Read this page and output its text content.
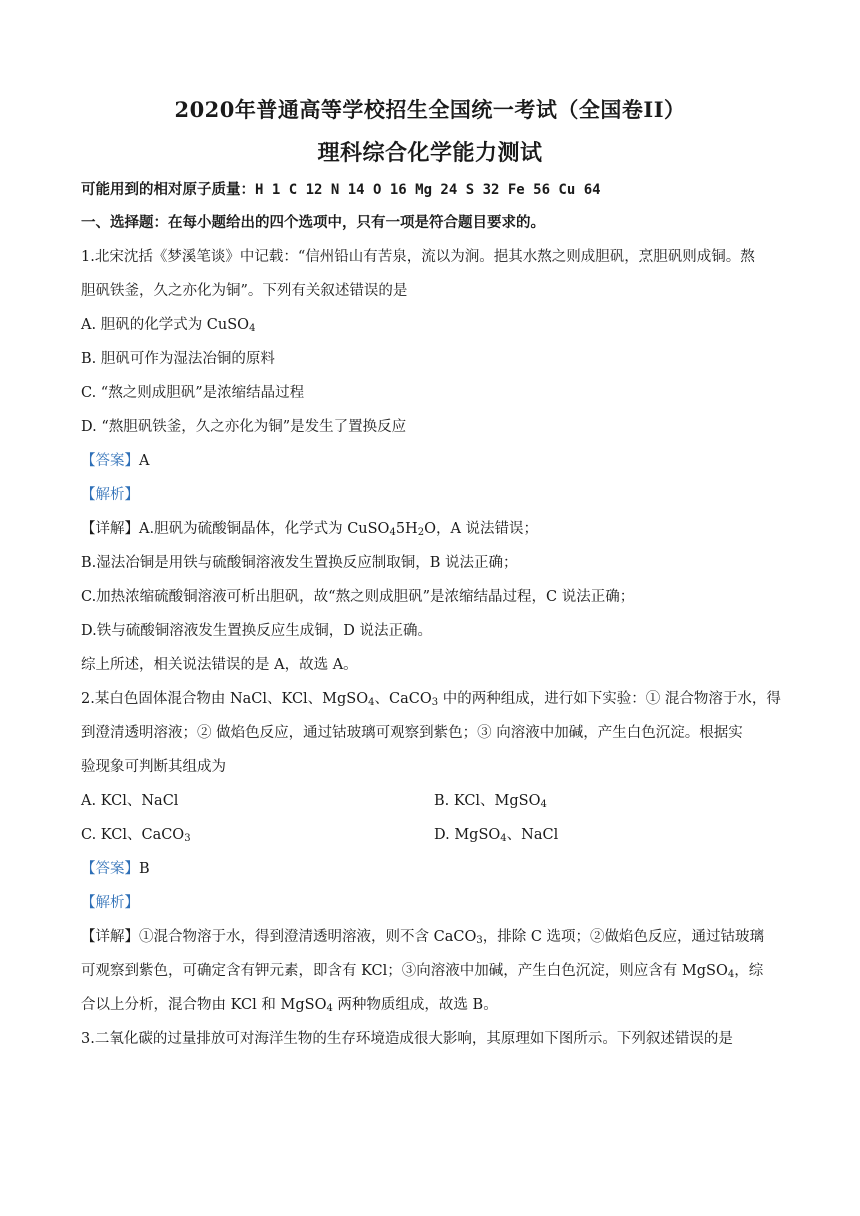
2020年普通高等学校招生全国统一考试（全国卷II）
理科综合化学能力测试
可能用到的相对原子质量：H 1 C 12 N 14 O 16 Mg 24 S 32 Fe 56 Cu 64
一、选择题：在每小题给出的四个选项中，只有一项是符合题目要求的。
1.北宋沈括《梦溪笔谈》中记载：“信州铅山有苦泉，流以为涧。挹其水熬之则成胆矾，烹胆矾则成铜。熬
胆矾铁釜，久之亦化为铜”。下列有关叙述错误的是
A. 胆矾的化学式为 CuSO$_4$
B. 胆矾可作为湿法冶铜的原料
C. “熬之则成胆矾”是浓缩结晶过程
D. “熬胆矾铁釜，久之亦化为铜”是发生了置换反应
【答案】A
【解析】
【详解】A.胆矾为硫酸铜晶体，化学式为 $CuSO_45H_2O$，A 说法错误；
B.湿法冶铜是用铁与硫酸铜溶液发生置换反应制取铜，B 说法正确；
C.加热浓缩硫酸铜溶液可析出胆矾，故“熬之则成胆矾”是浓缩结晶过程，C 说法正确；
D.铁与硫酸铜溶液发生置换反应生成铜，D 说法正确。
综上所述，相关说法错误的是 A，故选 A。
2.某白色固体混合物由 NaCl、KCl、MgSO$_4$、CaCO$_3$ 中的两种组成，进行如下实验：① 混合物溶于水，得
到澄清透明溶液；② 做焰色反应，通过钴玻璃可观察到紫色；③ 向溶液中加碱，产生白色沉淀。根据实
验现象可判断其组成为
A. KCl、NaCl	B. KCl、MgSO$_4$
C. KCl、CaCO$_3$	D. MgSO$_4$、NaCl
【答案】B
【解析】
【详解】①混合物溶于水，得到澄清透明溶液，则不含 CaCO$_3$，排除 C 选项；②做焰色反应，通过钴玻璃
可观察到紫色，可确定含有钾元素，即含有 KCl；③向溶液中加碱，产生白色沉淀，则应含有 MgSO$_4$，综
合以上分析，混合物由 KCl 和 MgSO$_4$ 两种物质组成，故选 B。
3.二氧化碳的过量排放可对海洋生物的生存环境造成很大影响，其原理如下图所示。下列叙述错误的是
